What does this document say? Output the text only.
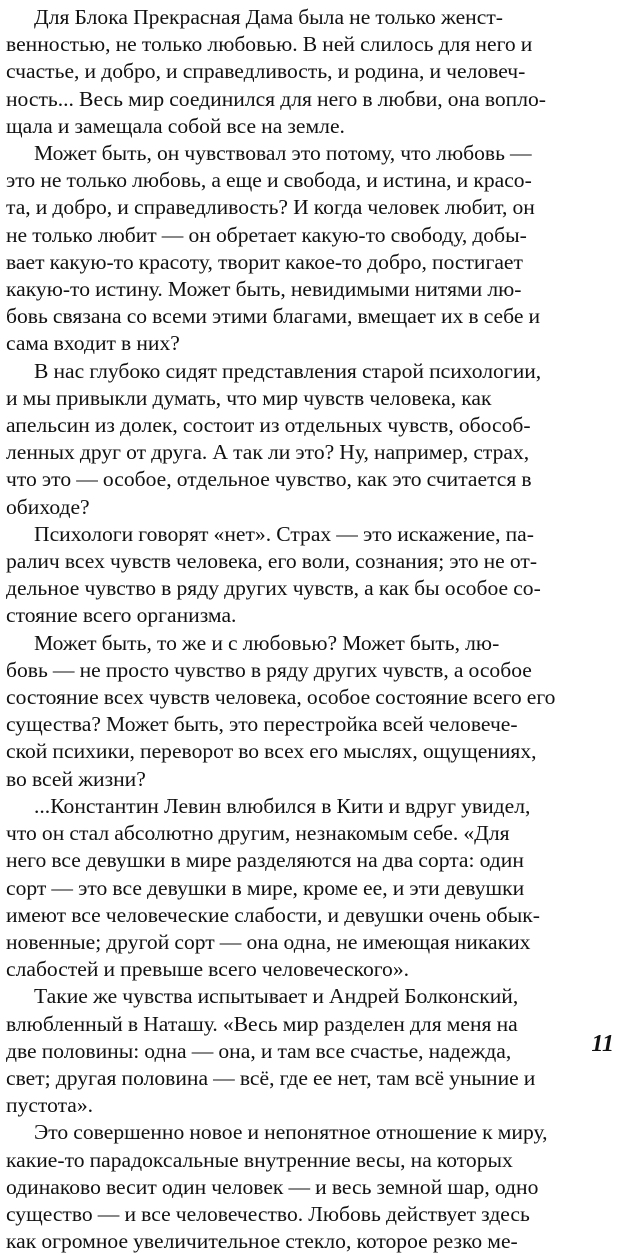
Для Блока Прекрасная Дама была не только женст-
венностью, не только любовью. В ней слилось для него и
счастье, и добро, и справедливость, и родина, и человеч-
ность... Весь мир соединился для него в любви, она вопло-
щала и замещала собой все на земле.

Может быть, он чувствовал это потому, что любовь —
это не только любовь, а еще и свобода, и истина, и красо-
та, и добро, и справедливость? И когда человек любит, он
не только любит — он обретает какую-то свободу, добы-
вает какую-то красоту, творит какое-то добро, постигает
какую-то истину. Может быть, невидимыми нитями лю-
бовь связана со всеми этими благами, вмещает их в себе и
сама входит в них?

В нас глубоко сидят представления старой психологии,
и мы привыкли думать, что мир чувств человека, как
апельсин из долек, состоит из отдельных чувств, обособ-
ленных друг от друга. А так ли это? Ну, например, страх,
что это — особое, отдельное чувство, как это считается в
обиходе?

Психологи говорят «нет». Страх — это искажение, па-
ралич всех чувств человека, его воли, сознания; это не от-
дельное чувство в ряду других чувств, а как бы особое со-
стояние всего организма.

Может быть, то же и с любовью? Может быть, лю-
бовь — не просто чувство в ряду других чувств, а особое
состояние всех чувств человека, особое состояние всего его
существа? Может быть, это перестройка всей человече-
ской психики, переворот во всех его мыслях, ощущениях,
во всей жизни?

...Константин Левин влюбился в Кити и вдруг увидел,
что он стал абсолютно другим, незнакомым себе. «Для
него все девушки в мире разделяются на два сорта: один
сорт — это все девушки в мире, кроме ее, и эти девушки
имеют все человеческие слабости, и девушки очень обык-
новенные; другой сорт — она одна, не имеющая никаких
слабостей и превыше всего человеческого».

Такие же чувства испытывает и Андрей Болконский,
влюбленный в Наташу. «Весь мир разделен для меня на
две половины: одна — она, и там все счастье, надежда,
свет; другая половина — всё, где ее нет, там всё уныние и
пустота».

Это совершенно новое и непонятное отношение к миру,
какие-то парадоксальные внутренние весы, на которых
одинаково весит один человек — и весь земной шар, одно
существо — и все человечество. Любовь действует здесь
как огромное увеличительное стекло, которое резко ме-

11
